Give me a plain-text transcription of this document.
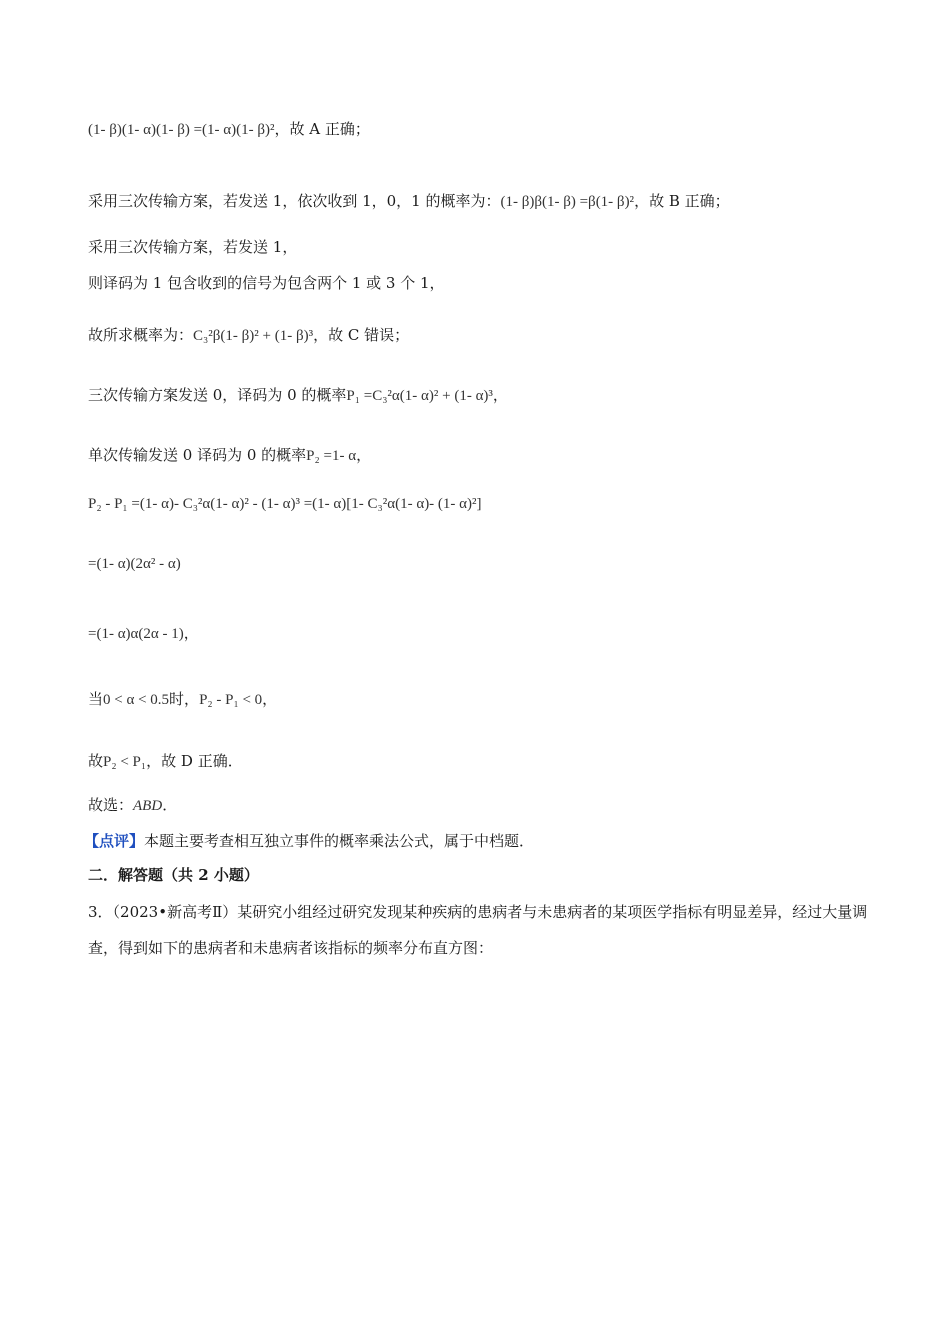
(1- β)(1- α)(1- β) =(1- α)(1- β)²，故 A 正确；
采用三次传输方案，若发送 1，依次收到 1，0，1 的概率为：(1- β)β(1- β) =β(1- β)²，故 B 正确；
采用三次传输方案，若发送 1，
则译码为 1 包含收到的信号为包含两个 1 或 3 个 1，
故所求概率为：C₃²β(1- β)² + (1- β)³，故 C 错误；
三次传输方案发送 0，译码为 0 的概率P₁ =C₃²α(1- α)² + (1- α)³，
单次传输发送 0 译码为 0 的概率P₂ =1- α，
P₂ - P₁ =(1- α)- C₃²α(1- α)² - (1- α)³ =(1- α)[1- C₃²α(1- α)- (1- α)²]
=(1- α)(2α² - α)
=(1- α)α(2α - 1)，
当0 < α < 0.5时，P₂ - P₁ < 0，
故P₂ < P₁，故 D 正确．
故选：ABD．
【点评】本题主要考查相互独立事件的概率乘法公式，属于中档题．
二．解答题（共 2 小题）
3．（2023•新高考Ⅱ）某研究小组经过研究发现某种疾病的患病者与未患病者的某项医学指标有明显差异，经过大量调查，得到如下的患病者和未患病者该指标的频率分布直方图：
